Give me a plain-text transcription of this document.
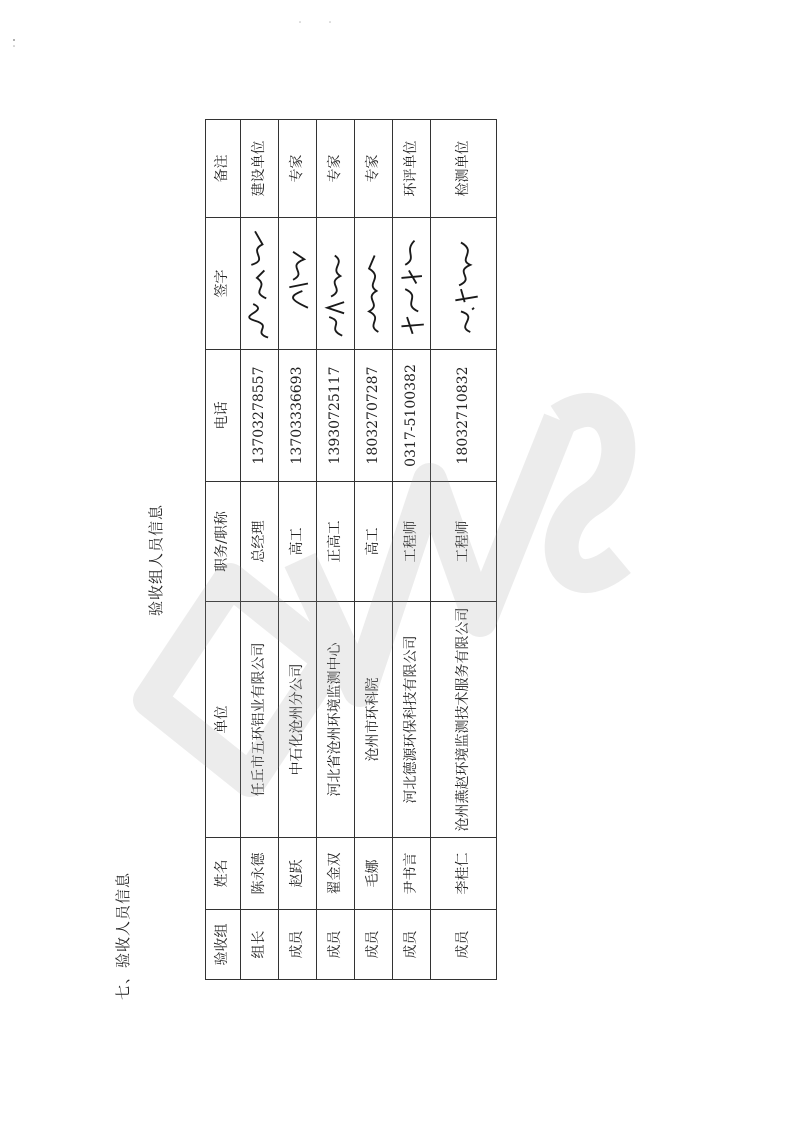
七、验收人员信息
验收组人员信息
验收组	姓名	单位	职务/职称	电话	签字	备注
组长	陈永德	任丘市五环铝业有限公司	总经理	13703278557		建设单位
成员	赵跃	中石化沧州分公司	高工	13703336693		专家
成员	翟金双	河北省沧州环境监测中心	正高工	13930725117		专家
成员	毛娜	沧州市环科院	高工	18032707287		专家
成员	尹书言	河北德源环保科技有限公司	工程师	0317-5100382		环评单位
成员	李桂仁	沧州燕赵环境监测技术服务有限公司	工程师	18032710832		检测单位
